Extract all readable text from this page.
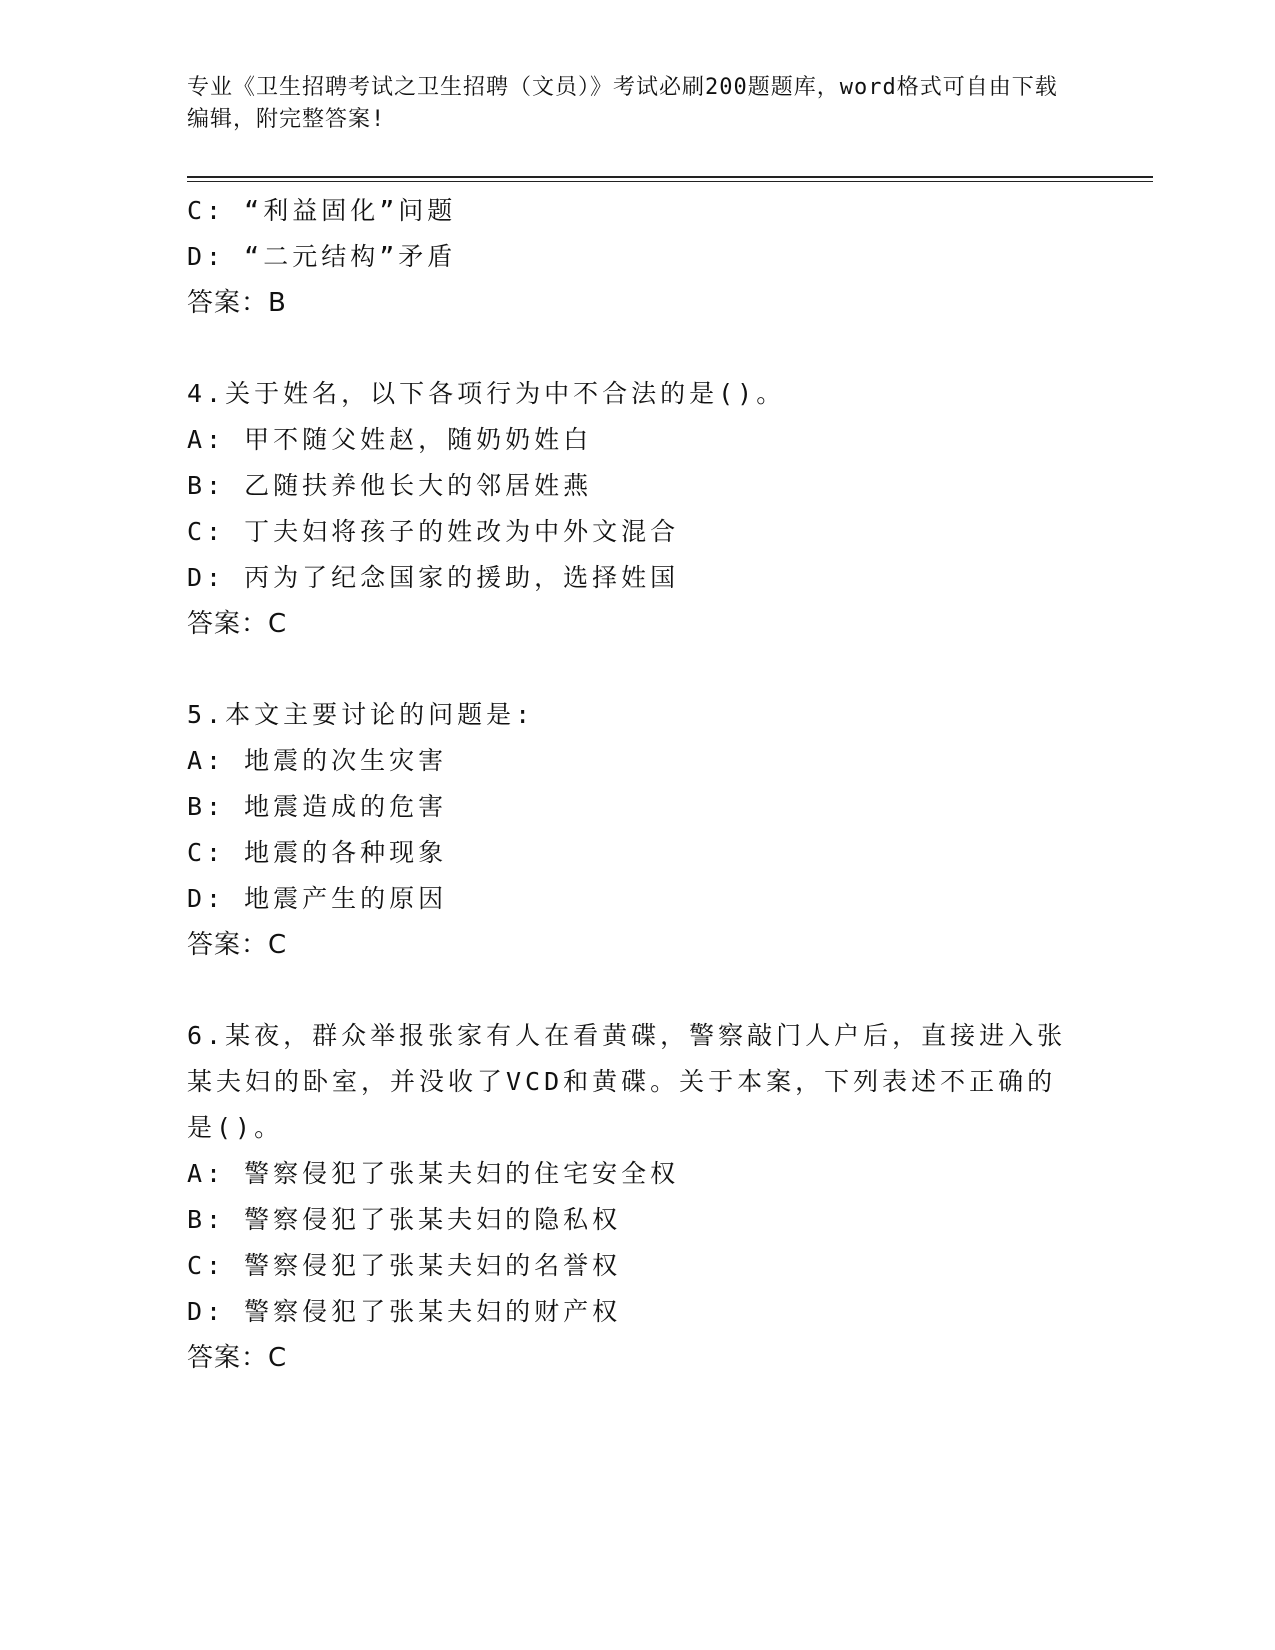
专业《卫生招聘考试之卫生招聘（文员）》考试必刷200题题库，word格式可自由下载编辑，附完整答案!
C: “利益固化”问题
D: “二元结构”矛盾
答案：B
4.关于姓名，以下各项行为中不合法的是()。
A: 甲不随父姓赵，随奶奶姓白
B: 乙随扶养他长大的邻居姓燕
C: 丁夫妇将孩子的姓改为中外文混合
D: 丙为了纪念国家的援助，选择姓国
答案：C
5.本文主要讨论的问题是:
A: 地震的次生灾害
B: 地震造成的危害
C: 地震的各种现象
D: 地震产生的原因
答案：C
6.某夜，群众举报张家有人在看黄碟，警察敲门人户后，直接进入张
某夫妇的卧室，并没收了VCD和黄碟。关于本案，下列表述不正确的
是()。
A: 警察侵犯了张某夫妇的住宅安全权
B: 警察侵犯了张某夫妇的隐私权
C: 警察侵犯了张某夫妇的名誉权
D: 警察侵犯了张某夫妇的财产权
答案：C
